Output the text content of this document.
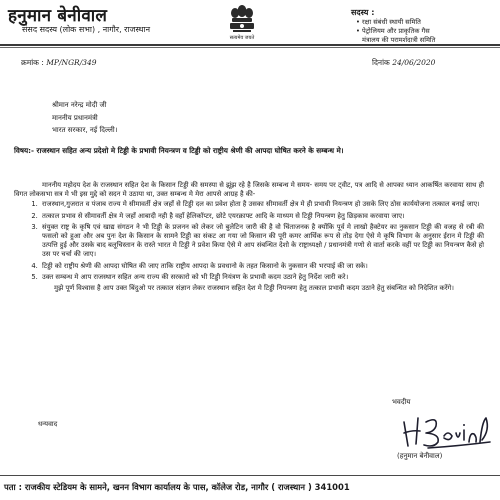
हनुमान बेनीवाल
संसद सदस्य (लोक सभा) , नागौर, राजस्थान
सत्यमेव जयते
सदस्य :
• रक्षा संबंधी स्थायी समिति
• पेट्रोलियम और प्राकृतिक गैस
मंत्रालय की परामर्शदात्री समिति
क्रमांक : MP/NGR/349	दिनांक 24/06/2020
श्रीमान नरेन्द्र मोदी जी
माननीय प्रधानमंत्री
भारत सरकार, नई दिल्ली।
विषय:- राजस्थान सहित अन्य प्रदेशो मे टिड्डी के प्रभावी नियन्त्रण व टिड्डी को राष्ट्रीय श्रेणी की आपदा घोषित करने के सम्बन्ध मे।

माननीय महोदय देश के राजस्थान सहित देश के किसान टिड्डी की समस्या से झूंझ रहे है जिसके सम्बन्ध मे समय- समय पर ट्वीट, पत्र आदि से आपका ध्यान आकर्षित करवाया साथ ही विगत लोकसभा सत्र मे भी इस मुद्दे को सदन मे उठाया था, उक्त सम्बन्ध मे मेरा आपसे आग्रह है की-

1. राजस्थान,गुजरात व पंजाब राज्य मे सीमावर्ती क्षेत्र जहाँ से टिड्डी दल का प्रवेश होता है उसका सीमावर्ती क्षेत्र मे ही प्रभावी नियन्त्रण हो उसके लिए ठोस कार्ययोजना तत्काल बनाई जाए।
2. तत्काल प्रभाव से सीमावर्ती क्षेत्र मे जहाँ आबादी नही है वहाँ हेलिकॉप्टर, छोटे एयरक्राफ्ट आदि के माध्यम से टिड्डी नियन्त्रण हेतु छिड़काव करवाया जाए।
3. संयुक्त राष्ट्र के कृषि एवं खाद्य संगठन ने भी टिड्डी के प्रजनन को लेकर जो बुलेटिन जारी की है वो चिंताजनक है क्योंकि पूर्व मे लाखो हैक्टेयर का नुकसान टिड्डी की वजह से रबी की फसलो को हुआ और अब पुनः देश के किसान के सामने टिड्डी का संकट आ गया जो किसान की पूरी कमर आर्थिक रूप से तोड़ देगा ऐसे मे कृषि विभाग के अनुसार ईरान मे टिड्डी की उत्पत्ति हुई और उसके बाद बलूचिस्तान के रास्ते भारत मे टिड्डी ने प्रवेश किया ऐसे मे आप संबन्धित देशो के राष्ट्राध्यक्षो / प्रधानमंत्री गणो से वार्ता करके वहीं पर टिड्डी का नियन्त्रण कैसे हो उस पर चर्चा की जाए।
4. टिड्डी को राष्ट्रीय श्रेणी की आपदा घोषित की जाए ताकि राष्ट्रीय आपदा के प्रवधानो के तहत किसानो के नुकसान की भरपाई की जा सके।
5. उक्त सम्बन्ध मे आप राजस्थान सहित अन्य राज्य की सरकारो को भी टिड्डी नियंत्रण के प्रभावी कदम उठाने हेतु निर्देश जारी करे।

मुझे पूर्ण विश्वास है आप उक्त बिंदुओ पर तत्काल संज्ञान लेकर राजस्थान सहित देश मे टिड्डी नियन्त्रण हेतु तत्काल प्रभावी कदम उठाने हेतु संबन्धित को निदेशित करेंगे।

धन्यवाद
भवदीय
(हनुमान बेनीवाल)
पता : राजकीय स्टेडियम के सामने, खनन विभाग कार्यालय के पास, कॉलेज रोड, नागौर ( राजस्थान ) 341001
